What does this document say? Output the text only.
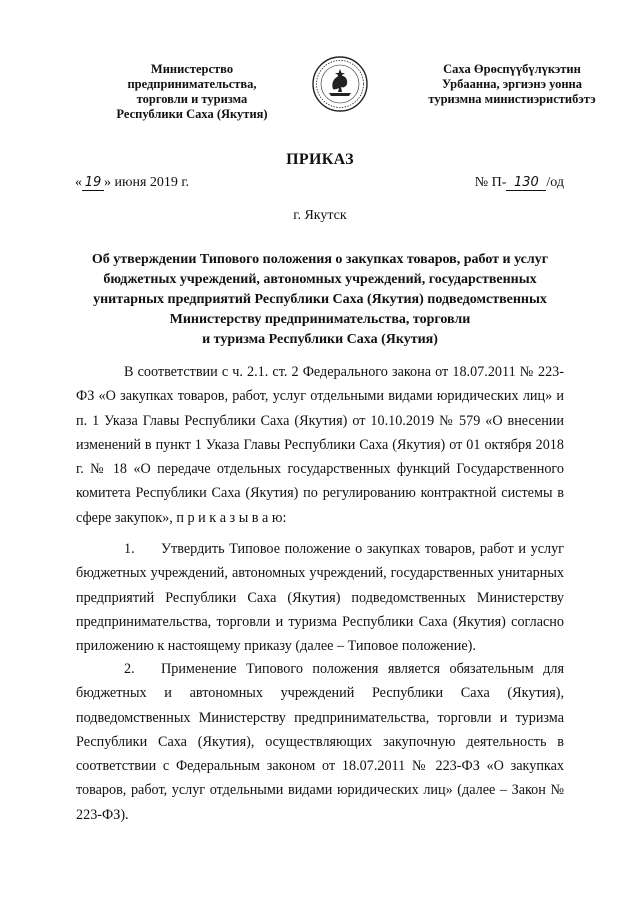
Министерство
предпринимательства,
торговли и туризма
Республики Саха (Якутия)
Саха Өрөспүүбүлүкэтин
Урбаанна, эргиэнэ уонна
туризмна министиэристибэтэ
ПРИКАЗ
« 19 » июня 2019 г.	№ П- 130 /од
г. Якутск
Об утверждении Типового положения о закупках товаров, работ и услуг
бюджетных учреждений, автономных учреждений, государственных
унитарных предприятий Республики Саха (Якутия) подведомственных
Министерству предпринимательства, торговли
и туризма Республики Саха (Якутия)

В соответствии с ч. 2.1. ст. 2 Федерального закона от 18.07.2011 № 223-ФЗ «О закупках товаров, работ, услуг отдельными видами юридических лиц» и п. 1 Указа Главы Республики Саха (Якутия) от 10.10.2019 № 579 «О внесении изменений в пункт 1 Указа Главы Республики Саха (Якутия) от 01 октября 2018 г. № 18 «О передаче отдельных государственных функций Государственного комитета Республики Саха (Якутия) по регулированию контрактной системы в сфере закупок», п р и к а з ы в а ю:

1. Утвердить Типовое положение о закупках товаров, работ и услуг бюджетных учреждений, автономных учреждений, государственных унитарных предприятий Республики Саха (Якутия) подведомственных Министерству предпринимательства, торговли и туризма Республики Саха (Якутия) согласно приложению к настоящему приказу (далее – Типовое положение).

2. Применение Типового положения является обязательным для бюджетных и автономных учреждений Республики Саха (Якутия), подведомственных Министерству предпринимательства, торговли и туризма Республики Саха (Якутия), осуществляющих закупочную деятельность в соответствии с Федеральным законом от 18.07.2011 № 223-ФЗ «О закупках товаров, работ, услуг отдельными видами юридических лиц» (далее – Закон № 223-ФЗ).
